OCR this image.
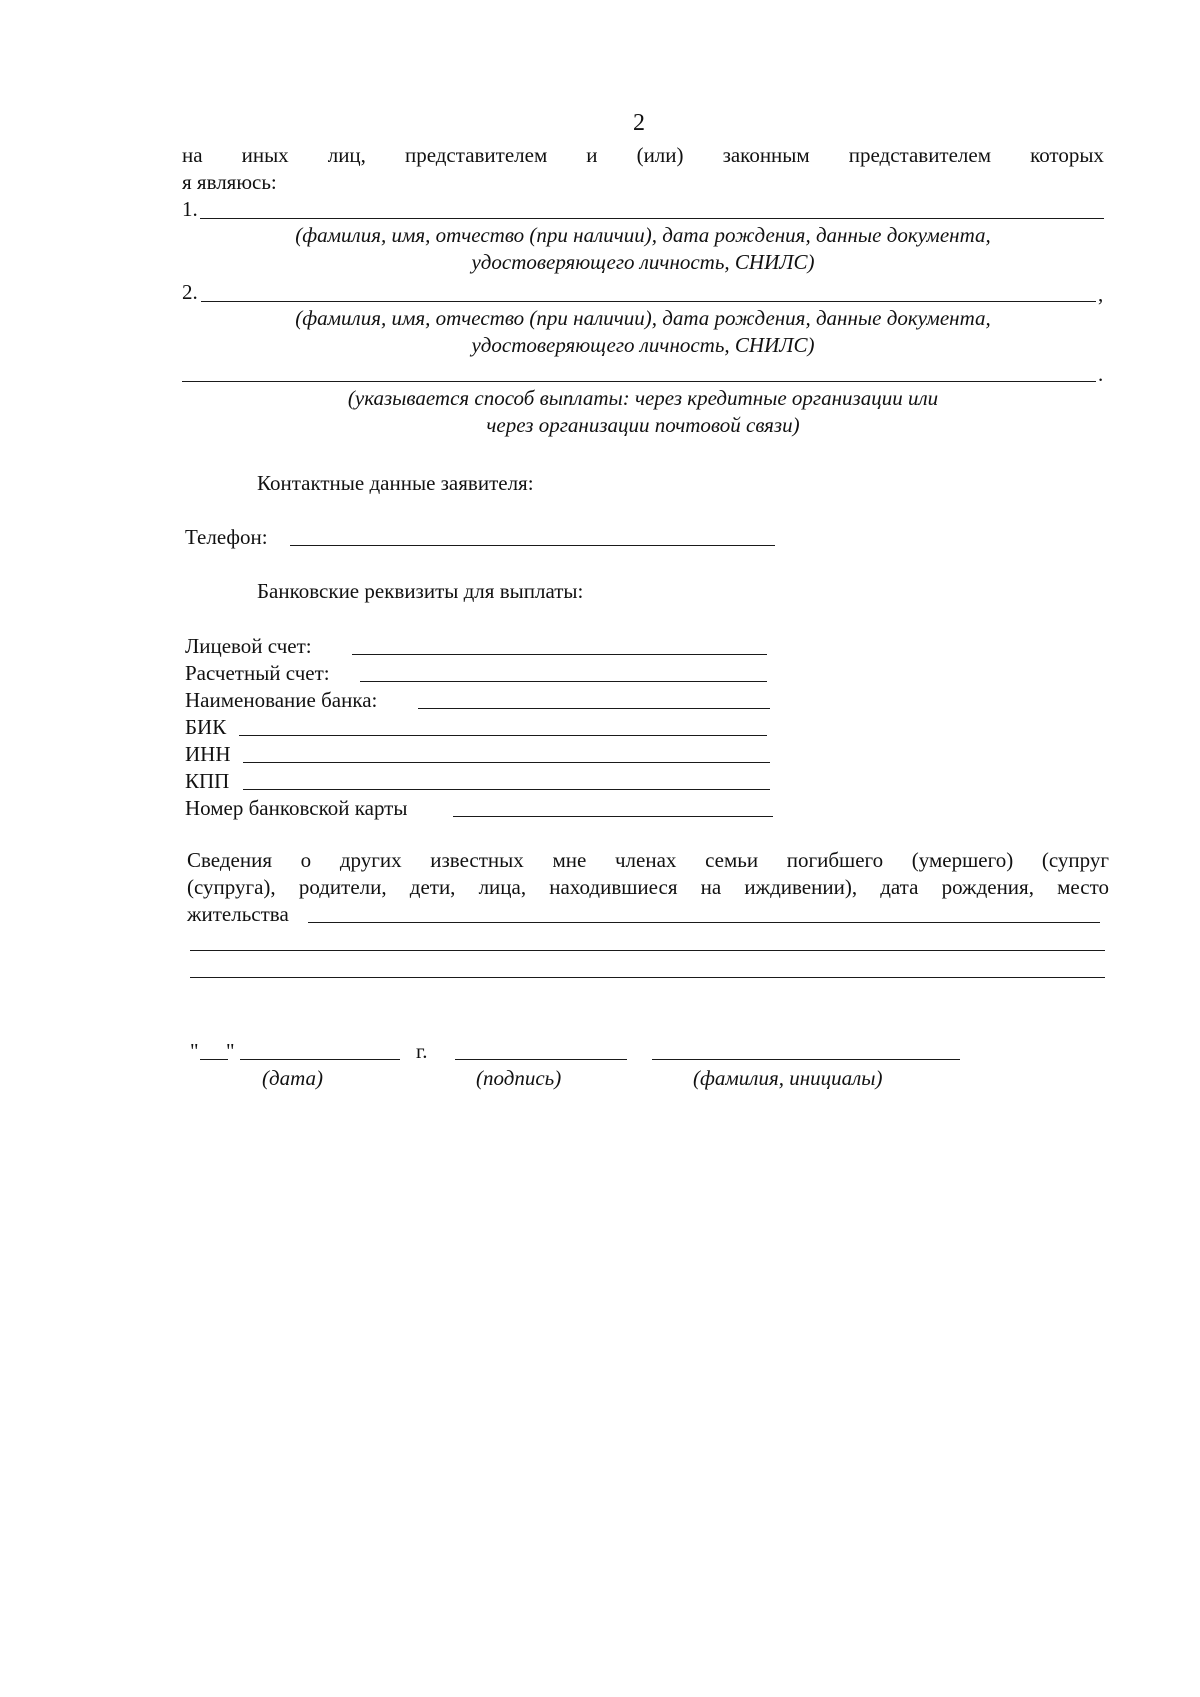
2
на иных лиц, представителем и (или) законным представителем которых
я являюсь:
1.
(фамилия, имя, отчество (при наличии), дата рождения, данные документа,
удостоверяющего личность, СНИЛС)
2.	,
(фамилия, имя, отчество (при наличии), дата рождения, данные документа,
удостоверяющего личность, СНИЛС)
.
(указывается способ выплаты: через кредитные организации или
через организации почтовой связи)
Контактные данные заявителя:
Телефон:
Банковские реквизиты для выплаты:
Лицевой счет:
Расчетный счет:
Наименование банка:
БИК
ИНН
КПП
Номер банковской карты
Сведения о других известных мне членах семьи погибшего (умершего) (супруг
(супруга), родители, дети, лица, находившиеся на иждивении), дата рождения, место
жительства
" "	г.
(дата)	(подпись)	(фамилия, инициалы)
